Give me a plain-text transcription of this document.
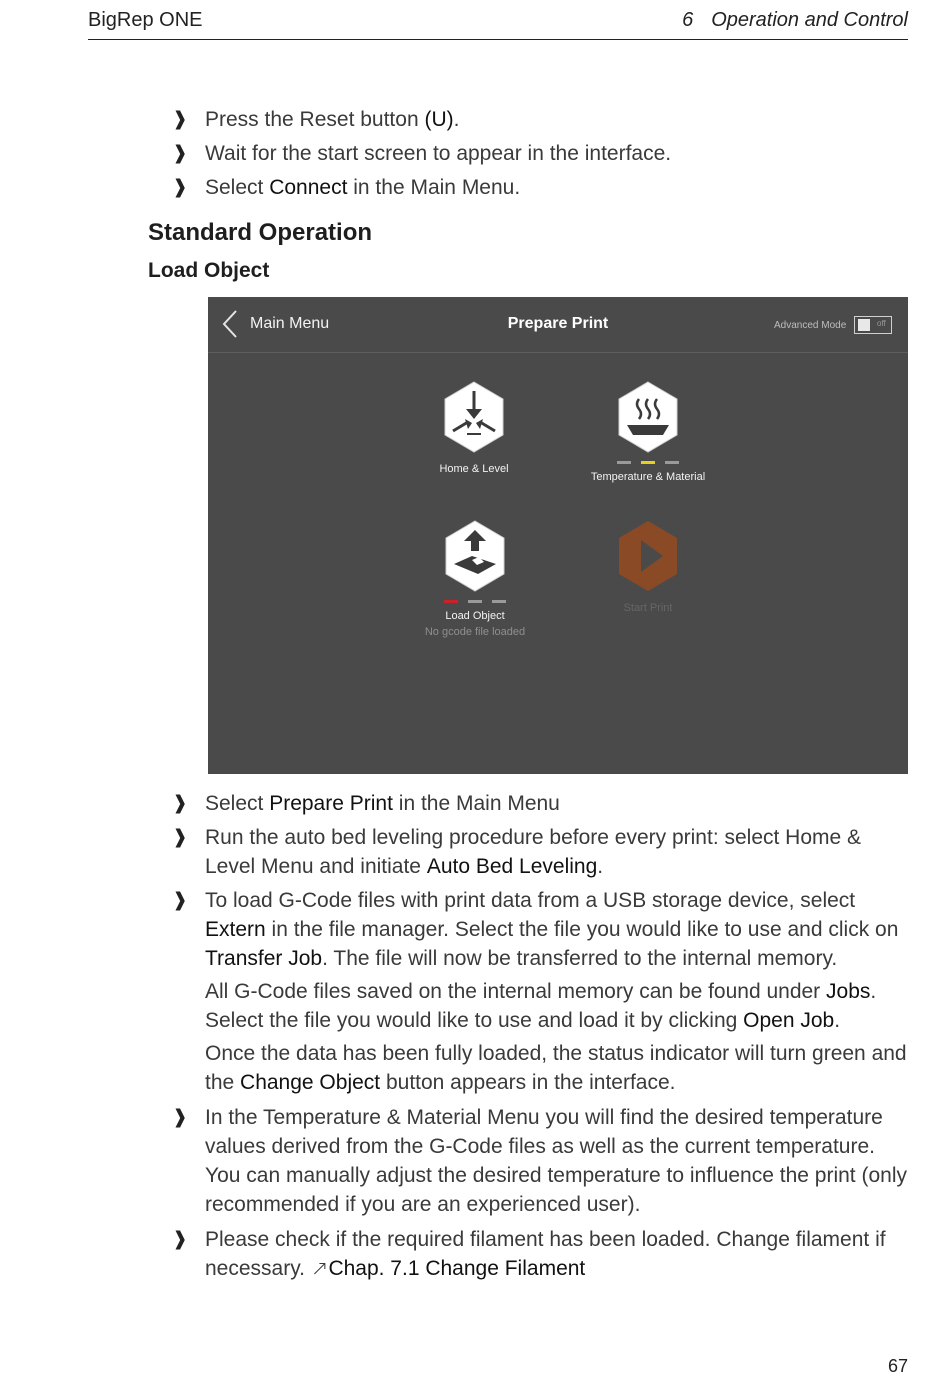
BigRep ONE	6 Operation and Control
❱ Press the Reset button (U).
❱ Wait for the start screen to appear in the interface.
❱ Select Connect in the Main Menu.
Standard Operation
Load Object
Main Menu	Prepare Print	Advanced Mode	off
Home & Level
Temperature & Material
Load Object
No gcode file loaded
Start Print
❱ Select Prepare Print in the Main Menu
❱ Run the auto bed leveling procedure before every print: select Home & Level Menu and initiate Auto Bed Leveling.
❱ To load G-Code files with print data from a USB storage device, select Extern in the file manager. Select the file you would like to use and click on Transfer Job. The file will now be transferred to the internal memory.
All G-Code files saved on the internal memory can be found under Jobs. Select the file you would like to use and load it by clicking Open Job.
Once the data has been fully loaded, the status indicator will turn green and the Change Object button appears in the interface.
❱ In the Temperature & Material Menu you will find the desired temperature values derived from the G-Code files as well as the current temperature. You can manually adjust the desired temperature to influence the print (only recommended if you are an experienced user).
❱ Please check if the required filament has been loaded. Change filament if necessary. ↗Chap. 7.1 Change Filament
67
